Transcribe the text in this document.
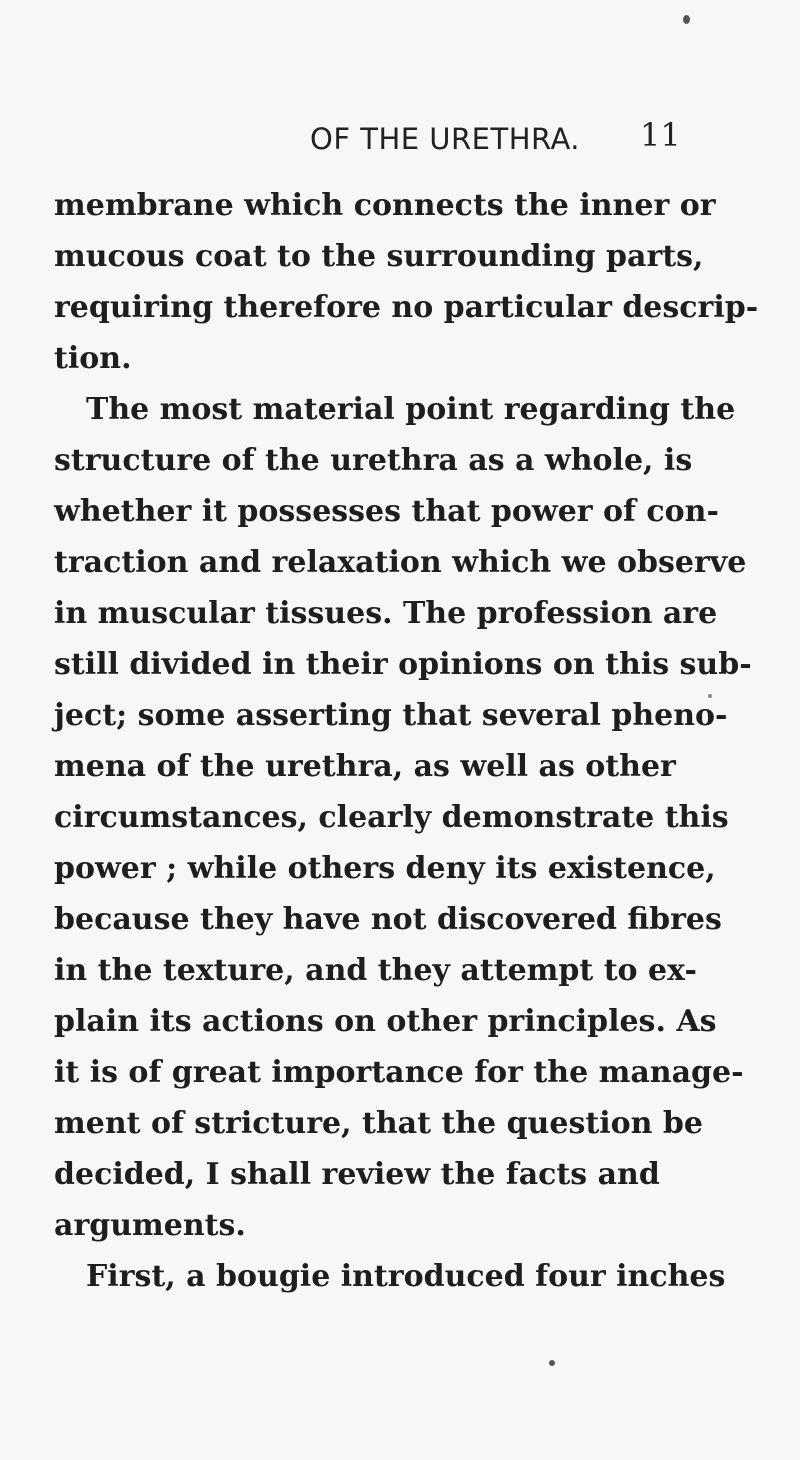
OF THE URETHRA. 11
membrane which connects the inner or
mucous coat to the surrounding parts,
requiring therefore no particular descrip-
tion.
The most material point regarding the
structure of the urethra as a whole, is
whether it possesses that power of con-
traction and relaxation which we observe
in muscular tissues. The profession are
still divided in their opinions on this sub-
ject; some asserting that several pheno-
mena of the urethra, as well as other
circumstances, clearly demonstrate this
power ; while others deny its existence,
because they have not discovered fibres
in the texture, and they attempt to ex-
plain its actions on other principles. As
it is of great importance for the manage-
ment of stricture, that the question be
decided, I shall review the facts and
arguments.
First, a bougie introduced four inches
